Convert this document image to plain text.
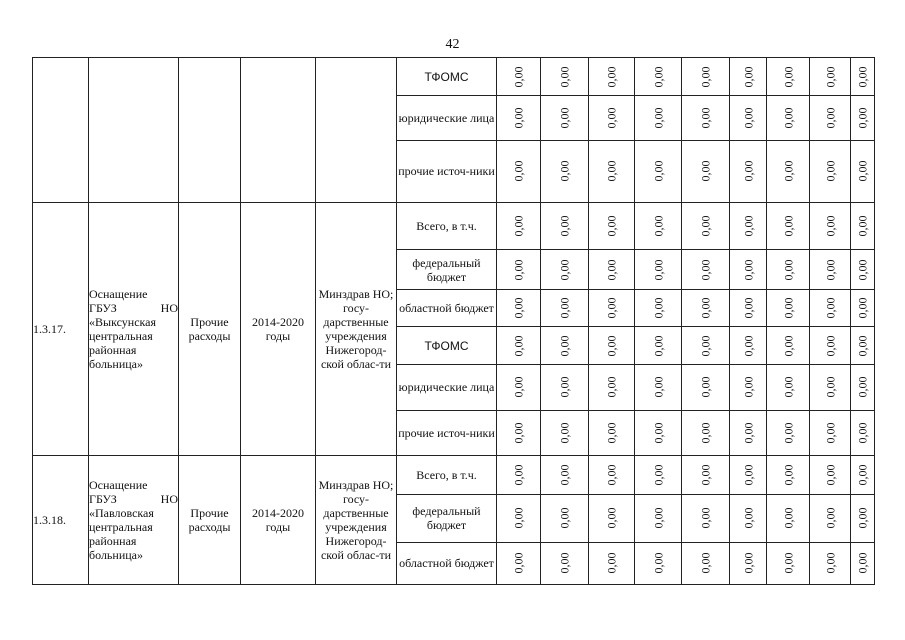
42
					ТФОМС	0,00	0,00	0,00	0,00	0,00	0,00	0,00	0,00	0,00
					юридические лица	0,00	0,00	0,00	0,00	0,00	0,00	0,00	0,00	0,00
					прочие источ-ники	0,00	0,00	0,00	0,00	0,00	0,00	0,00	0,00	0,00
1.3.17.	Оснащение ГБУЗ НО «Выксунская центральная районная больница»	Прочие расходы	2014-2020 годы	Минздрав НО; госу-дарственные учреждения Нижегород-ской облас-ти	Всего, в т.ч.	0,00	0,00	0,00	0,00	0,00	0,00	0,00	0,00	0,00
					федеральный бюджет	0,00	0,00	0,00	0,00	0,00	0,00	0,00	0,00	0,00
					областной бюджет	0,00	0,00	0,00	0,00	0,00	0,00	0,00	0,00	0,00
					ТФОМС	0,00	0,00	0,00	0,00	0,00	0,00	0,00	0,00	0,00
					юридические лица	0,00	0,00	0,00	0,00	0,00	0,00	0,00	0,00	0,00
					прочие источ-ники	0,00	0,00	0,00	0,00	0,00	0,00	0,00	0,00	0,00
1.3.18.	Оснащение ГБУЗ НО «Павловская центральная районная больница»	Прочие расходы	2014-2020 годы	Минздрав НО; госу-дарственные учреждения Нижегород-ской облас-ти	Всего, в т.ч.	0,00	0,00	0,00	0,00	0,00	0,00	0,00	0,00	0,00
					федеральный бюджет	0,00	0,00	0,00	0,00	0,00	0,00	0,00	0,00	0,00
					областной бюджет	0,00	0,00	0,00	0,00	0,00	0,00	0,00	0,00	0,00
